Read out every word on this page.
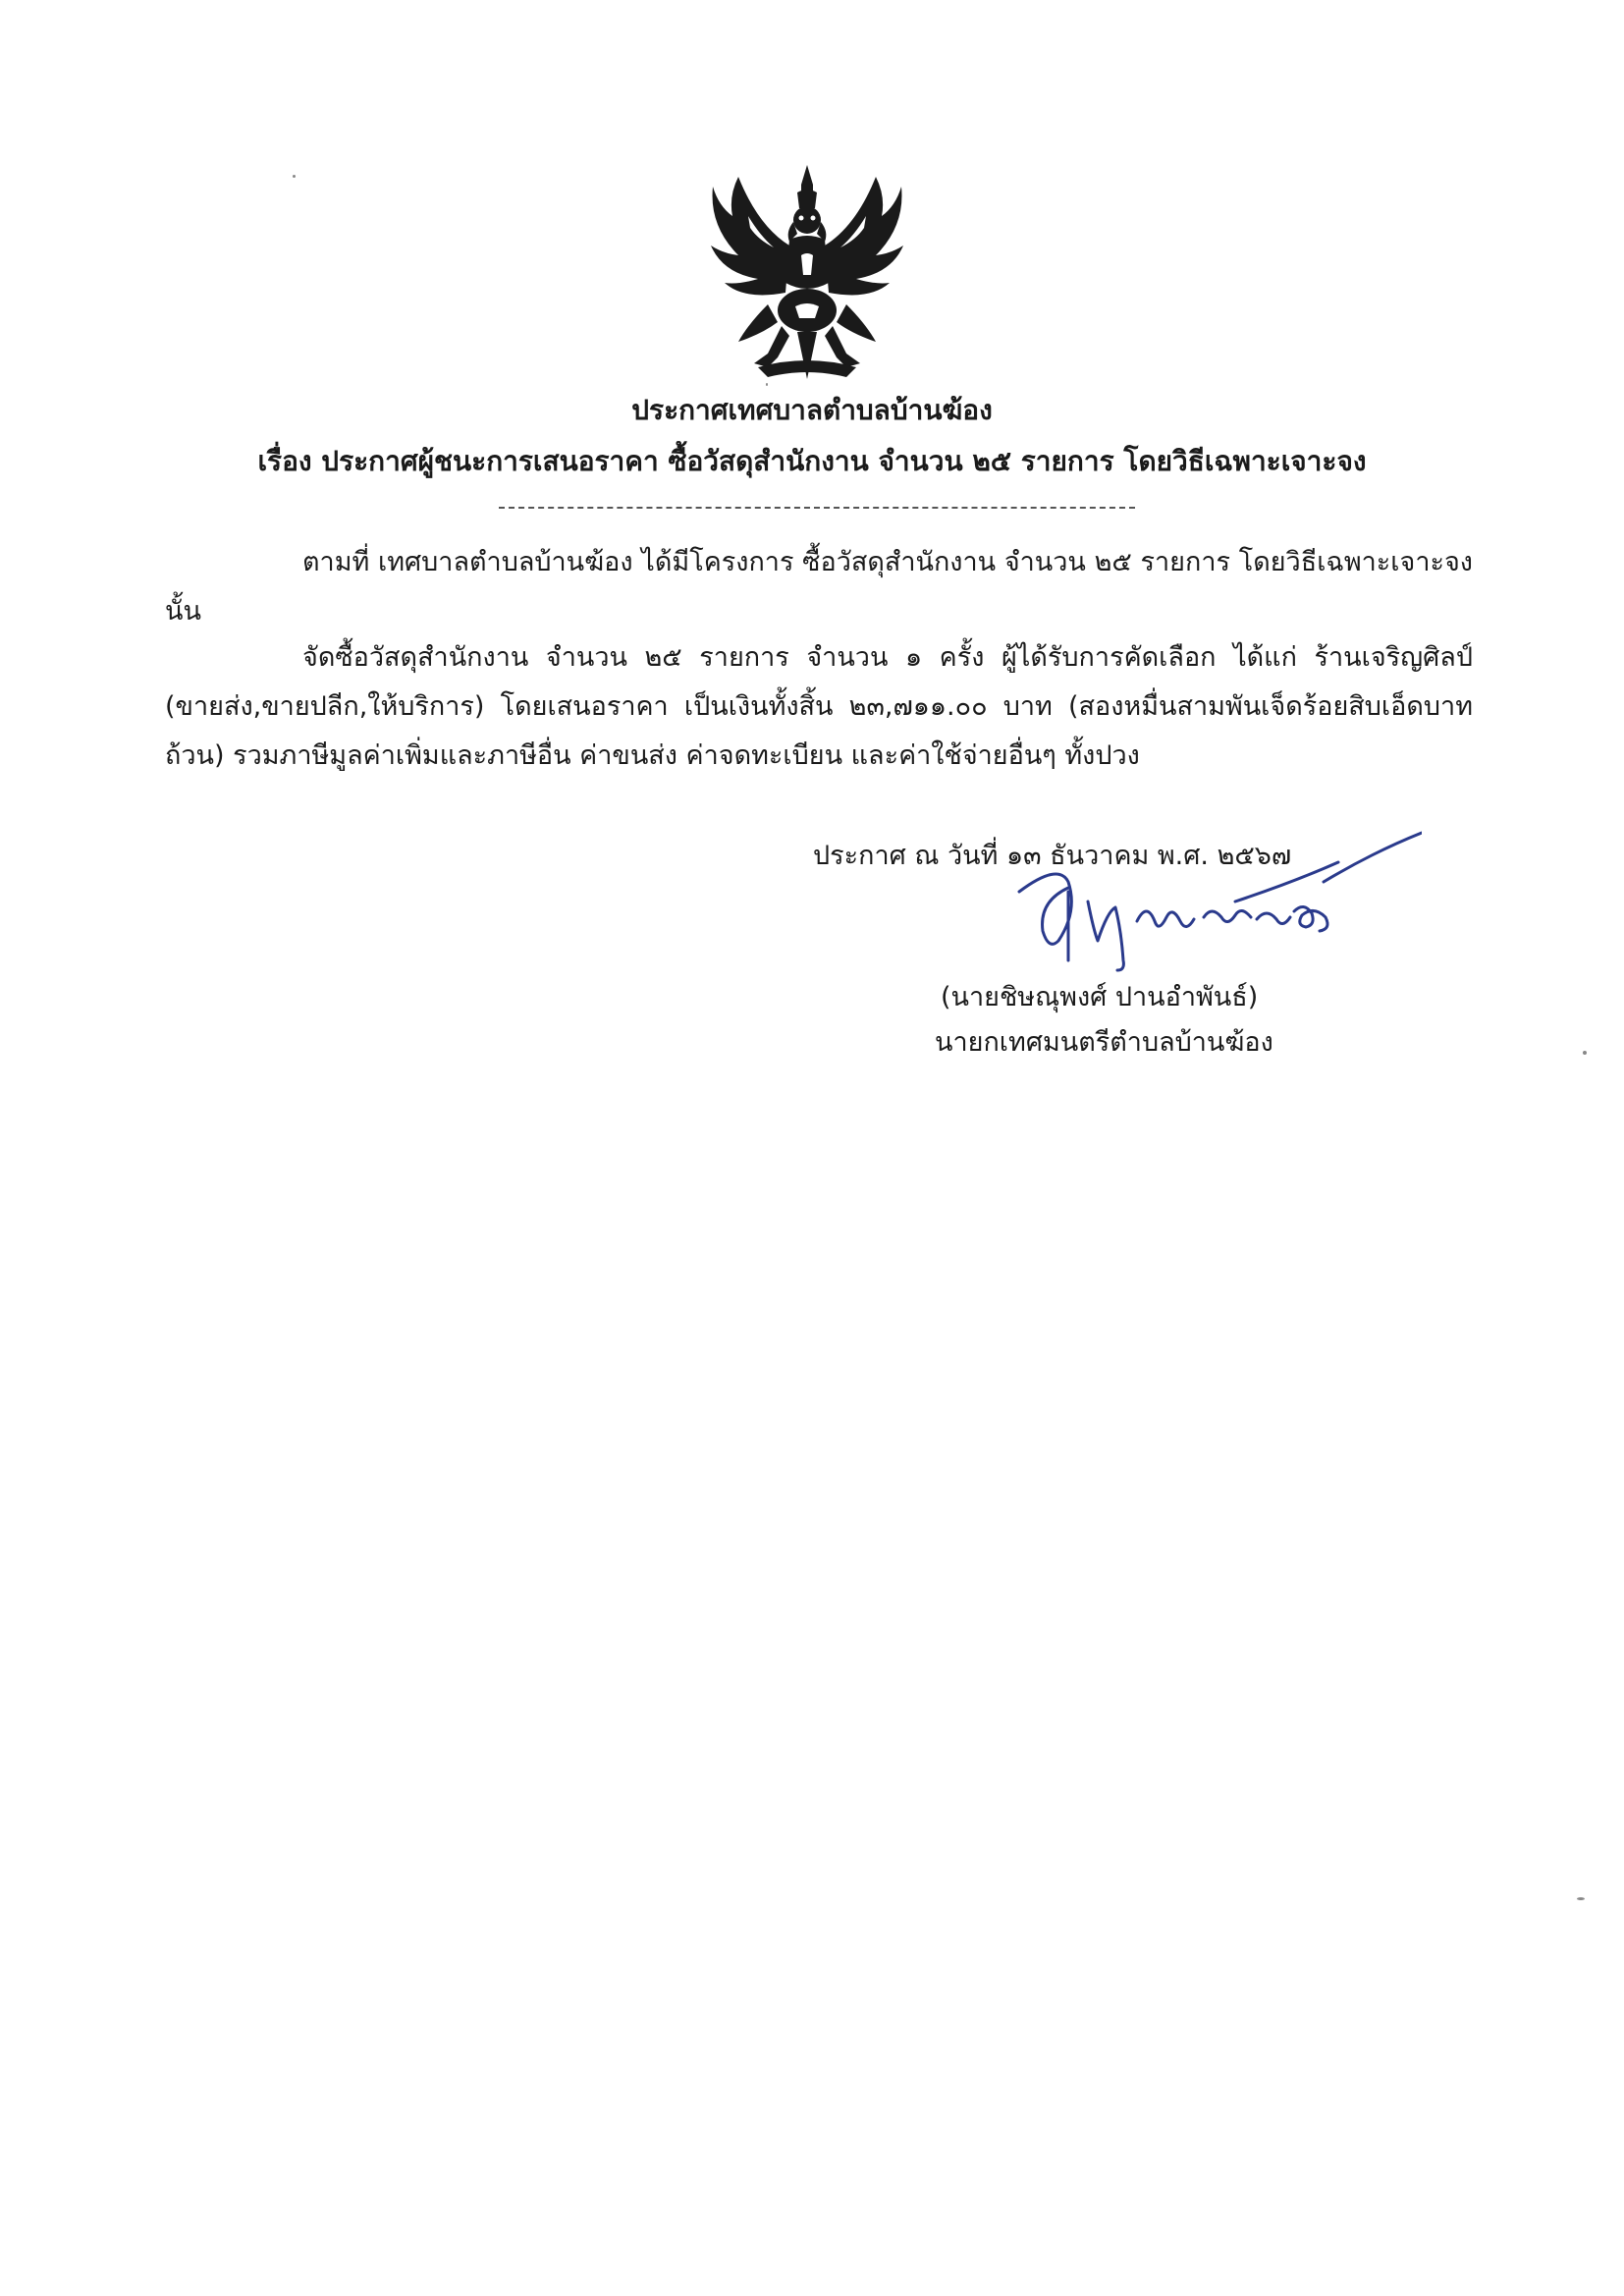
ประกาศเทศบาลตำบลบ้านฆ้อง
เรื่อง ประกาศผู้ชนะการเสนอราคา ซื้อวัสดุสำนักงาน จำนวน ๒๕ รายการ โดยวิธีเฉพาะเจาะจง
ตามที่ เทศบาลตำบลบ้านฆ้อง ได้มีโครงการ ซื้อวัสดุสำนักงาน จำนวน ๒๕ รายการ โดยวิธีเฉพาะเจาะจง นั้น
จัดซื้อวัสดุสำนักงาน จำนวน ๒๕ รายการ จำนวน ๑ ครั้ง ผู้ได้รับการคัดเลือก ได้แก่ ร้านเจริญศิลป์ (ขายส่ง,ขายปลีก,ให้บริการ) โดยเสนอราคา เป็นเงินทั้งสิ้น ๒๓,๗๑๑.๐๐ บาท (สองหมื่นสามพันเจ็ดร้อยสิบเอ็ดบาทถ้วน) รวมภาษีมูลค่าเพิ่มและภาษีอื่น ค่าขนส่ง ค่าจดทะเบียน และค่าใช้จ่ายอื่นๆ ทั้งปวง
ประกาศ ณ วันที่ ๑๓ ธันวาคม พ.ศ. ๒๕๖๗
(นายชิษณุพงศ์ ปานอำพันธ์)
นายกเทศมนตรีตำบลบ้านฆ้อง
